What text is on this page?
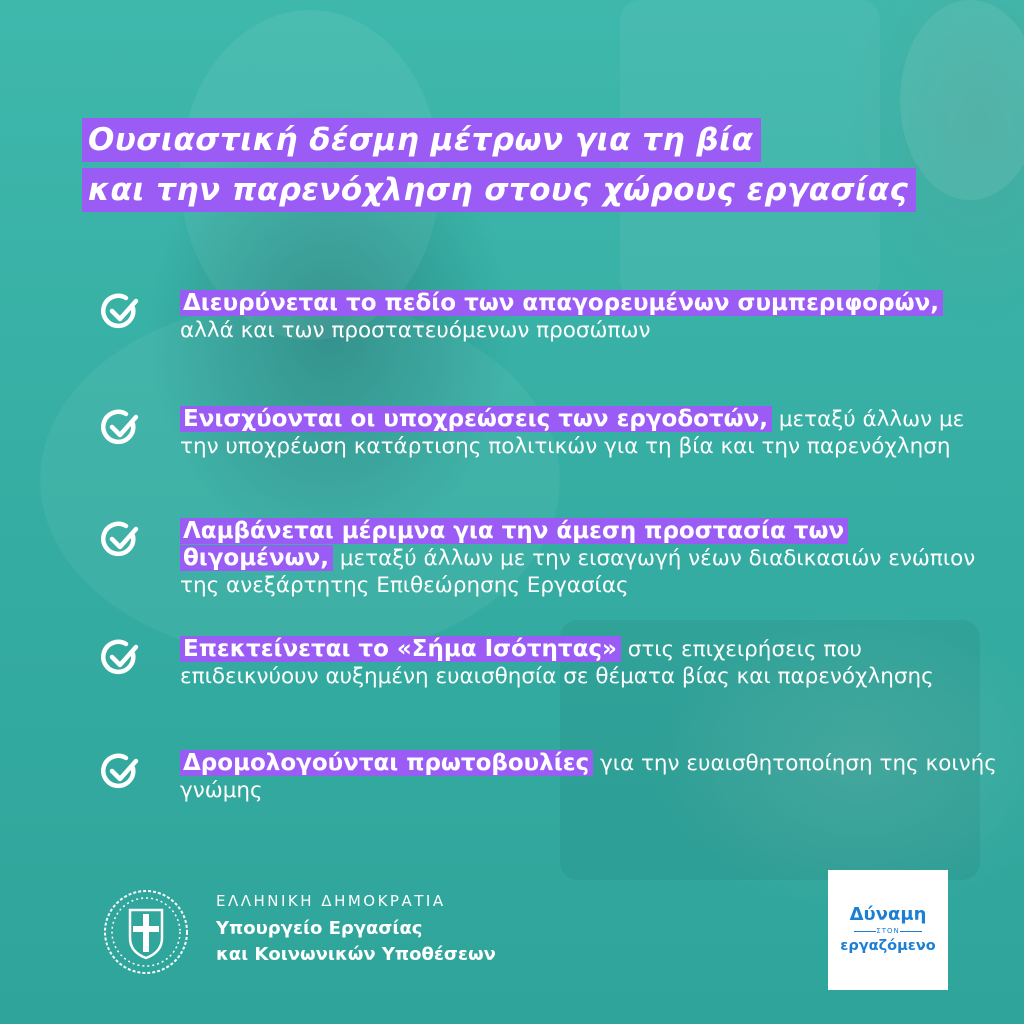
Ουσιαστική δέσμη μέτρων για τη βία
και την παρενόχληση στους χώρους εργασίας
Διευρύνεται το πεδίο των απαγορευμένων συμπεριφορών, αλλά και των προστατευόμενων προσώπων
Ενισχύονται οι υποχρεώσεις των εργοδοτών, μεταξύ άλλων με την υποχρέωση κατάρτισης πολιτικών για τη βία και την παρενόχληση
Λαμβάνεται μέριμνα για την άμεση προστασία των θιγομένων, μεταξύ άλλων με την εισαγωγή νέων διαδικασιών ενώπιον της ανεξάρτητης Επιθεώρησης Εργασίας
Επεκτείνεται το «Σήμα Ισότητας» στις επιχειρήσεις που επιδεικνύουν αυξημένη ευαισθησία σε θέματα βίας και παρενόχλησης
Δρομολογούνται πρωτοβουλίες για την ευαισθητοποίηση της κοινής γνώμης
ΕΛΛΗΝΙΚΗ ΔΗΜΟΚΡΑΤΙΑ
Υπουργείο Εργασίας
και Κοινωνικών Υποθέσεων
Δύναμη
ΣΤΟΝ
εργαζόμενο
